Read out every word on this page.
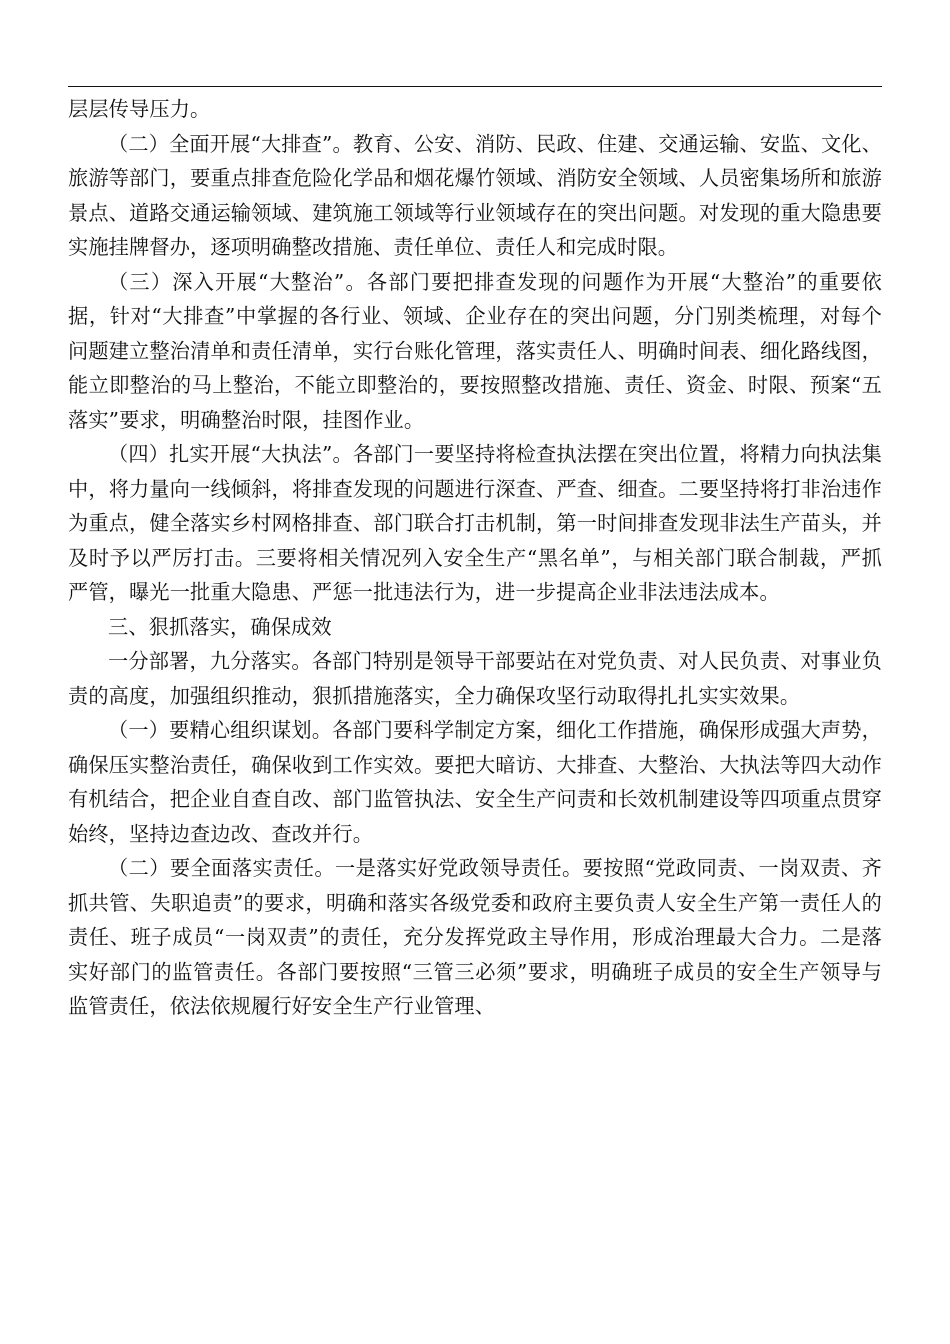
层层传导压力。

（二）全面开展“大排查”。教育、公安、消防、民政、住建、交通运输、安监、文化、旅游等部门，要重点排查危险化学品和烟花爆竹领域、消防安全领域、人员密集场所和旅游景点、道路交通运输领域、建筑施工领域等行业领域存在的突出问题。对发现的重大隐患要实施挂牌督办，逐项明确整改措施、责任单位、责任人和完成时限。

（三）深入开展“大整治”。各部门要把排查发现的问题作为开展“大整治”的重要依据，针对“大排查”中掌握的各行业、领域、企业存在的突出问题，分门别类梳理，对每个问题建立整治清单和责任清单，实行台账化管理，落实责任人、明确时间表、细化路线图，能立即整治的马上整治，不能立即整治的，要按照整改措施、责任、资金、时限、预案“五落实”要求，明确整治时限，挂图作业。

（四）扎实开展“大执法”。各部门一要坚持将检查执法摆在突出位置，将精力向执法集中，将力量向一线倾斜，将排查发现的问题进行深查、严查、细查。二要坚持将打非治违作为重点，健全落实乡村网格排查、部门联合打击机制，第一时间排查发现非法生产苗头，并及时予以严厉打击。三要将相关情况列入安全生产“黑名单”，与相关部门联合制裁，严抓严管，曝光一批重大隐患、严惩一批违法行为，进一步提高企业非法违法成本。

三、狠抓落实，确保成效

一分部署，九分落实。各部门特别是领导干部要站在对党负责、对人民负责、对事业负责的高度，加强组织推动，狠抓措施落实，全力确保攻坚行动取得扎扎实实效果。

（一）要精心组织谋划。各部门要科学制定方案，细化工作措施，确保形成强大声势，确保压实整治责任，确保收到工作实效。要把大暗访、大排查、大整治、大执法等四大动作有机结合，把企业自查自改、部门监管执法、安全生产问责和长效机制建设等四项重点贯穿始终，坚持边查边改、查改并行。

（二）要全面落实责任。一是落实好党政领导责任。要按照“党政同责、一岗双责、齐抓共管、失职追责”的要求，明确和落实各级党委和政府主要负责人安全生产第一责任人的责任、班子成员“一岗双责”的责任，充分发挥党政主导作用，形成治理最大合力。二是落实好部门的监管责任。各部门要按照“三管三必须”要求，明确班子成员的安全生产领导与监管责任，依法依规履行好安全生产行业管理、
